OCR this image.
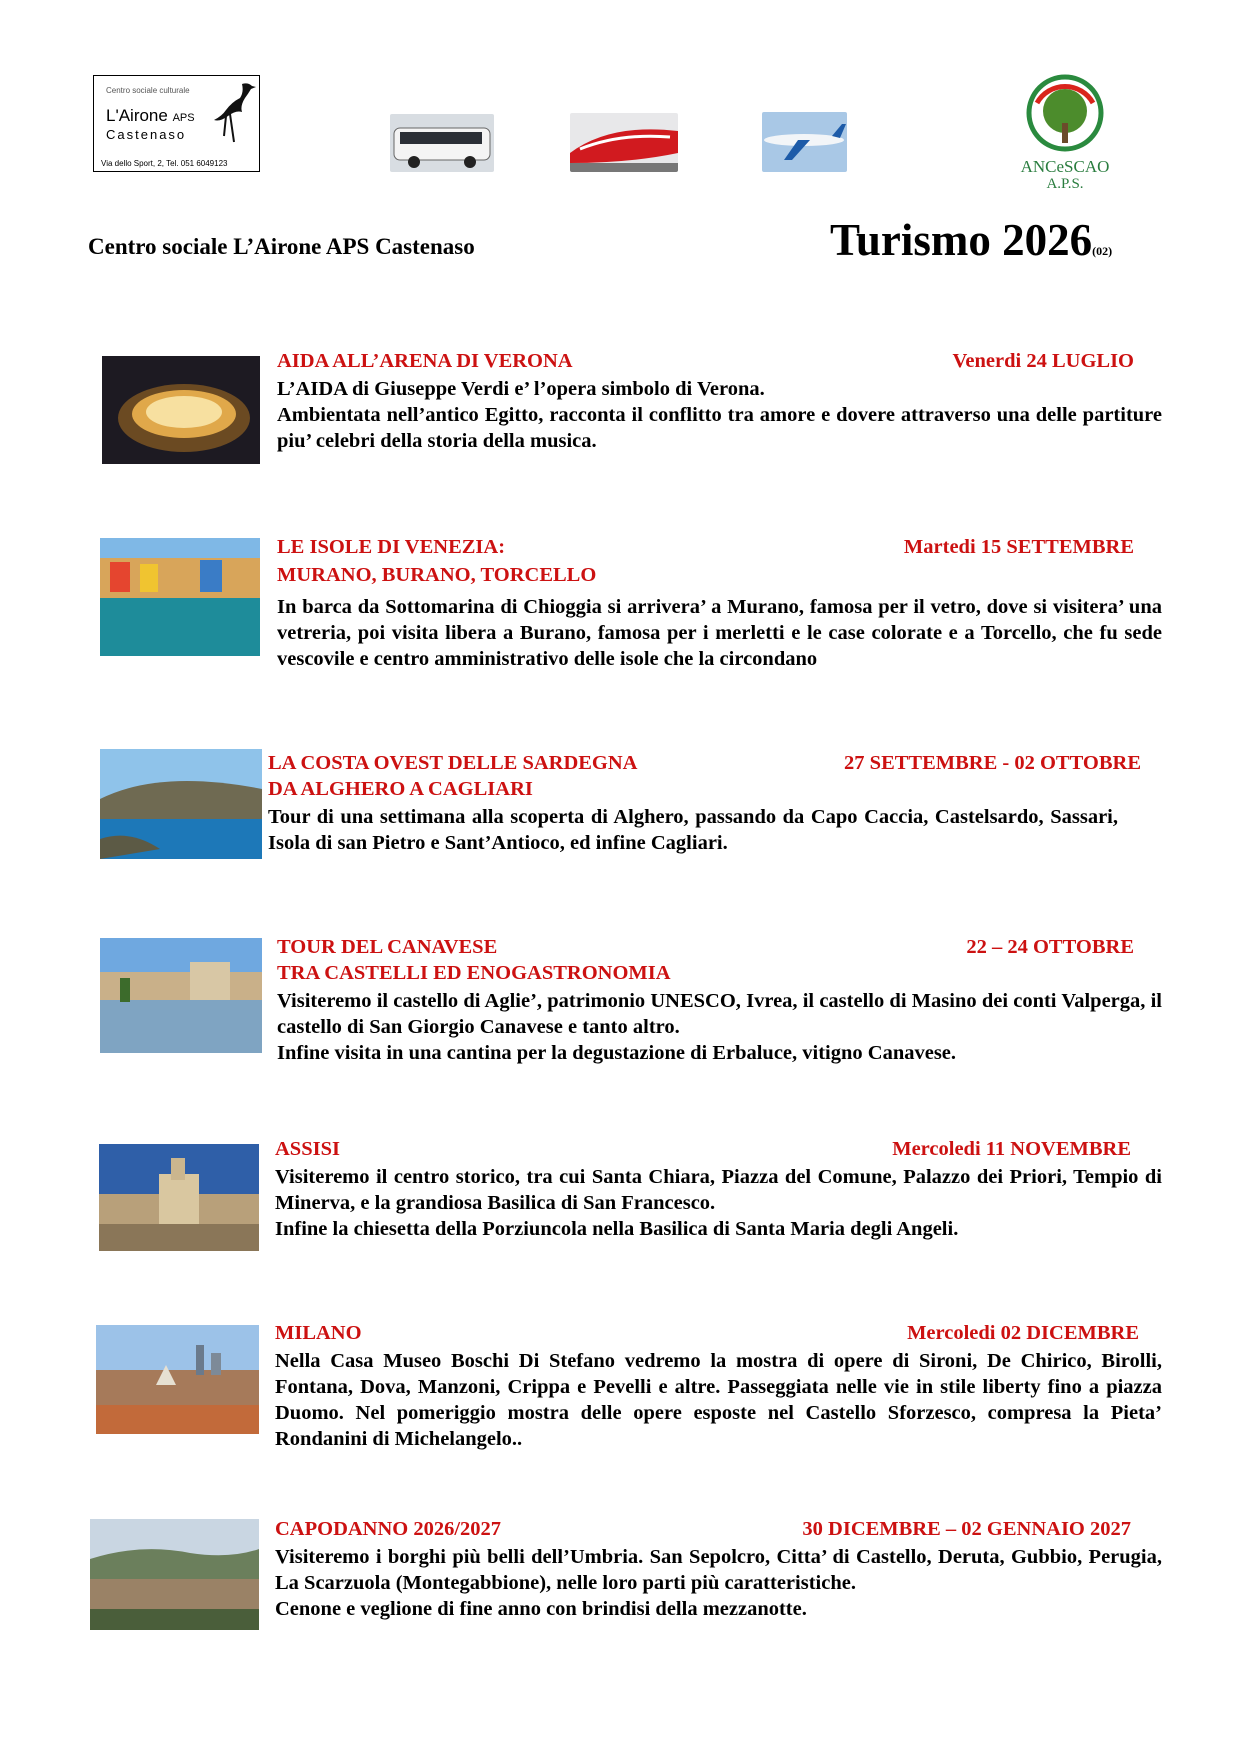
Centro sociale culturale
L'Airone APS
Castenaso
Via dello Sport, 2, Tel. 051 6049123	ANCeSCAO
A.P.S.
Centro sociale L’Airone APS Castenaso	Turismo 2026(02)
AIDA ALL’ARENA DI VERONA	Venerdi 24 LUGLIO

L’AIDA di Giuseppe Verdi e’ l’opera simbolo di Verona.

Ambientata nell’antico Egitto, racconta il conflitto tra amore e dovere attraverso una delle partiture piu’ celebri della storia della musica.

LE ISOLE DI VENEZIA:
MURANO, BURANO, TORCELLO
Martedi 15 SETTEMBRE

In barca da Sottomarina di Chioggia si arrivera’ a Murano, famosa per il vetro, dove si visitera’ una vetreria, poi visita libera a Burano, famosa per i merletti e le case colorate e a Torcello, che fu sede vescovile e centro amministrativo delle isole che la circondano

LA COSTA OVEST DELLE SARDEGNA
DA ALGHERO A CAGLIARI
27 SETTEMBRE - 02 OTTOBRE

Tour di una settimana alla scoperta di Alghero, passando da Capo Caccia, Castelsardo, Sassari, Isola di san Pietro e Sant’Antioco, ed infine Cagliari.

TOUR DEL CANAVESE
TRA CASTELLI ED ENOGASTRONOMIA
22 – 24 OTTOBRE

Visiteremo il castello di Aglie’, patrimonio UNESCO, Ivrea, il castello di Masino dei conti Valperga, il castello di San Giorgio Canavese e tanto altro.

Infine visita in una cantina per la degustazione di Erbaluce, vitigno Canavese.

ASSISI	Mercoledi 11 NOVEMBRE

Visiteremo il centro storico, tra cui Santa Chiara, Piazza del Comune, Palazzo dei Priori, Tempio di Minerva, e la grandiosa Basilica di San Francesco.

Infine la chiesetta della Porziuncola nella Basilica di Santa Maria degli Angeli.

MILANO	Mercoledi 02 DICEMBRE

Nella Casa Museo Boschi Di Stefano vedremo la mostra di opere di Sironi, De Chirico, Birolli, Fontana, Dova, Manzoni, Crippa e Pevelli e altre. Passeggiata nelle vie in stile liberty fino a piazza Duomo. Nel pomeriggio mostra delle opere esposte nel Castello Sforzesco, compresa la Pieta’ Rondanini di Michelangelo..

CAPODANNO 2026/2027	30 DICEMBRE – 02 GENNAIO 2027

Visiteremo i borghi più belli dell’Umbria. San Sepolcro, Citta’ di Castello, Deruta, Gubbio, Perugia, La Scarzuola (Montegabbione), nelle loro parti più caratteristiche.

Cenone e veglione di fine anno con brindisi della mezzanotte.
